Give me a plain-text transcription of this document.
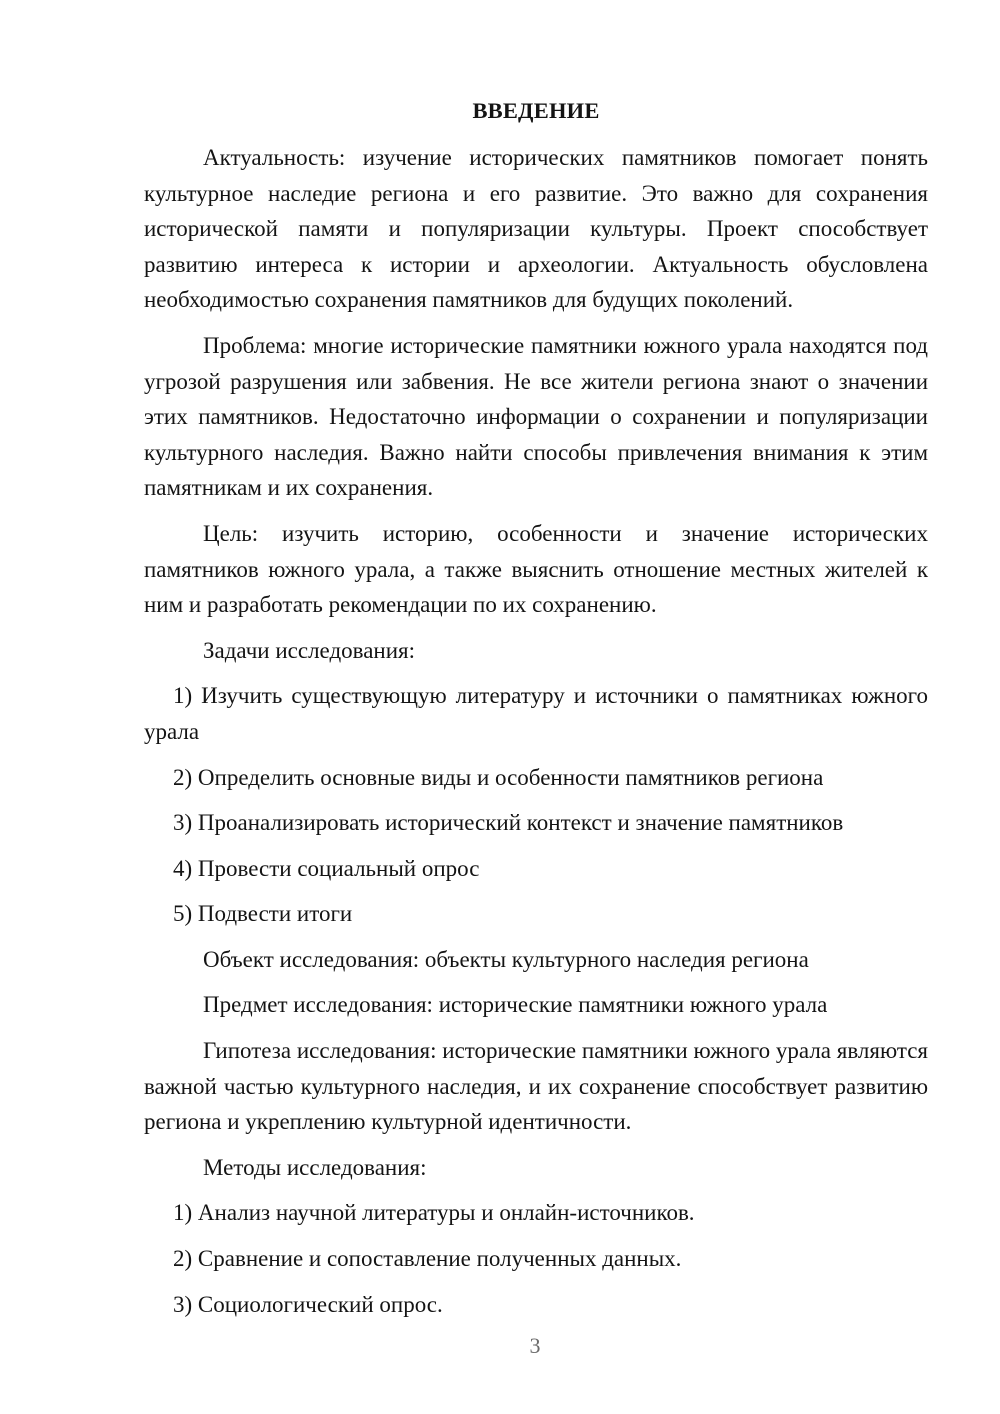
ВВЕДЕНИЕ

Актуальность: изучение исторических памятников помогает понять культурное наследие региона и его развитие. Это важно для сохранения исторической памяти и популяризации культуры. Проект способствует развитию интереса к истории и археологии. Актуальность обусловлена необходимостью сохранения памятников для будущих поколений.

Проблема: многие исторические памятники южного урала находятся под угрозой разрушения или забвения. Не все жители региона знают о значении этих памятников. Недостаточно информации о сохранении и популяризации культурного наследия. Важно найти способы привлечения внимания к этим памятникам и их сохранения.

Цель: изучить историю, особенности и значение исторических памятников южного урала, а также выяснить отношение местных жителей к ним и разработать рекомендации по их сохранению.

Задачи исследования:

1) Изучить существующую литературу и источники о памятниках южного урала

2) Определить основные виды и особенности памятников региона
3) Проанализировать исторический контекст и значение памятников
4) Провести социальный опрос
5) Подвести итоги
Объект исследования: объекты культурного наследия региона
Предмет исследования: исторические памятники южного урала

Гипотеза исследования: исторические памятники южного урала являются важной частью культурного наследия, и их сохранение способствует развитию региона и укреплению культурной идентичности.

Методы исследования:
1) Анализ научной литературы и онлайн-источников.
2) Сравнение и сопоставление полученных данных.
3) Социологический опрос.
3
